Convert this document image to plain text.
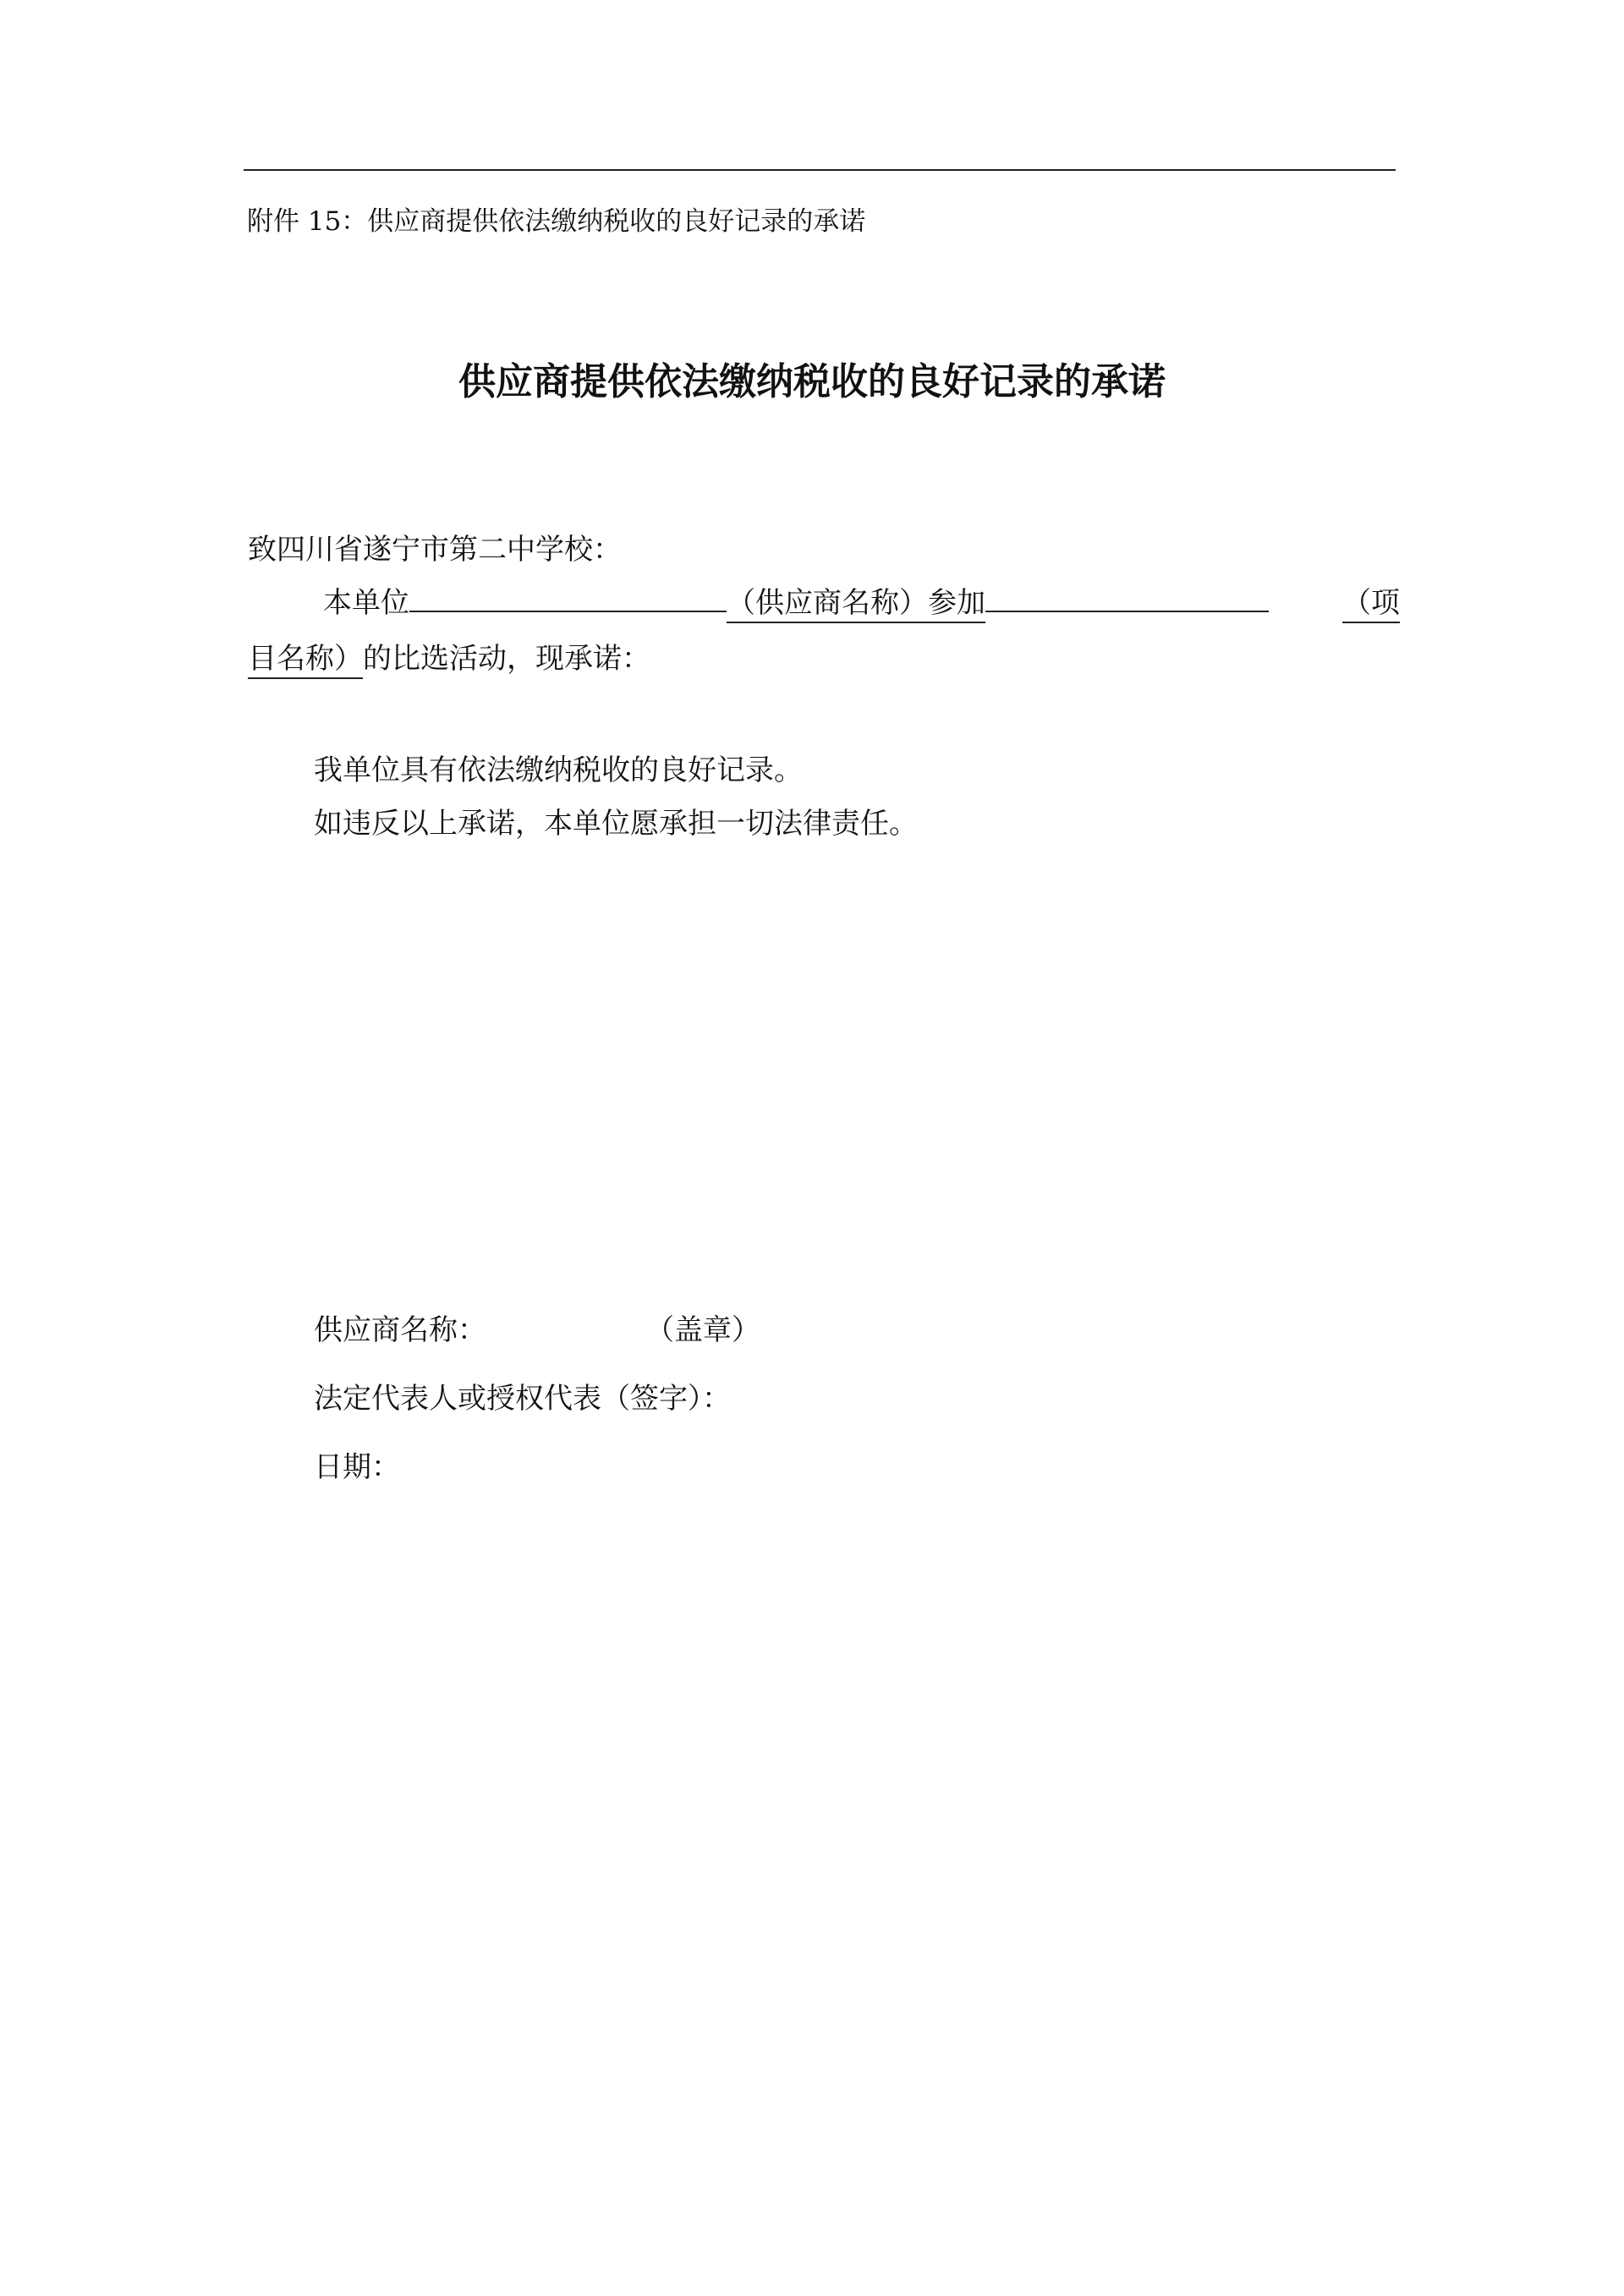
附件 15：供应商提供依法缴纳税收的良好记录的承诺
供应商提供依法缴纳税收的良好记录的承诺
致四川省遂宁市第二中学校：
本单位	（供应商名称）参加	（项
目名称）的比选活动，现承诺：
我单位具有依法缴纳税收的良好记录。
如违反以上承诺，本单位愿承担一切法律责任。
供应商名称：	（盖章）
法定代表人或授权代表（签字）：
日期：
